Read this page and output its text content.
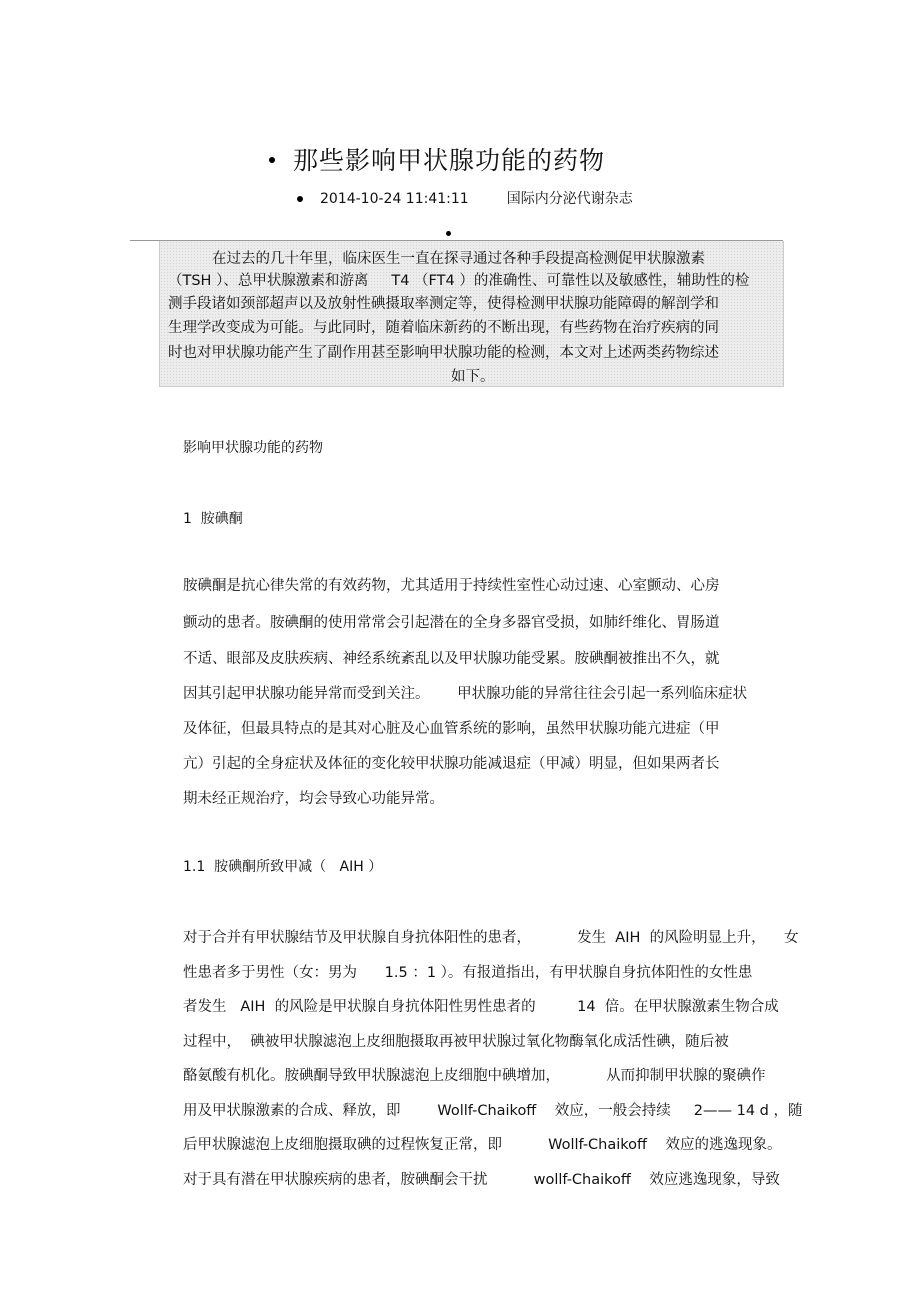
那些影响甲状腺功能的药物
2014-10-24 11:41:11	国际内分泌代谢杂志
在过去的几十年里，临床医生一直在探寻通过各种手段提高检测促甲状腺激素
（TSH ）、总甲状腺激素和游离     T4 （FT4 ）的准确性、可靠性以及敏感性，辅助性的检
测手段诸如颈部超声以及放射性碘摄取率测定等，使得检测甲状腺功能障碍的解剖学和
生理学改变成为可能。与此同时，随着临床新药的不断出现，有些药物在治疗疾病的同
时也对甲状腺功能产生了副作用甚至影响甲状腺功能的检测，本文对上述两类药物综述
如下。
影响甲状腺功能的药物
1  胺碘酮
胺碘酮是抗心律失常的有效药物，尤其适用于持续性室性心动过速、心室颤动、心房
颤动的患者。胺碘酮的使用常常会引起潜在的全身多器官受损，如肺纤维化、胃肠道
不适、眼部及皮肤疾病、神经系统紊乱以及甲状腺功能受累。胺碘酮被推出不久，就
因其引起甲状腺功能异常而受到关注。      甲状腺功能的异常往往会引起一系列临床症状
及体征，但最具特点的是其对心脏及心血管系统的影响，虽然甲状腺功能亢进症（甲
亢）引起的全身症状及体征的变化较甲状腺功能减退症（甲减）明显，但如果两者长
期未经正规治疗，均会导致心功能异常。
1.1  胺碘酮所致甲减（   AIH ）
对于合并有甲状腺结节及甲状腺自身抗体阳性的患者，          发生  AIH  的风险明显上升，    女
性患者多于男性（女：男为      1.5 ：1 ）。有报道指出，有甲状腺自身抗体阳性的女性患
者发生   AIH  的风险是甲状腺自身抗体阳性男性患者的         14  倍。在甲状腺激素生物合成
过程中，  碘被甲状腺滤泡上皮细胞摄取再被甲状腺过氧化物酶氧化成活性碘，随后被
酪氨酸有机化。胺碘酮导致甲状腺滤泡上皮细胞中碘增加，          从而抑制甲状腺的聚碘作
用及甲状腺激素的合成、释放，即        Wollf-Chaikoff    效应，一般会持续     2—— 14 d ，随
后甲状腺滤泡上皮细胞摄取碘的过程恢复正常，即          Wollf-Chaikoff    效应的逃逸现象。
对于具有潜在甲状腺疾病的患者，胺碘酮会干扰          wollf-Chaikoff    效应逃逸现象，导致
